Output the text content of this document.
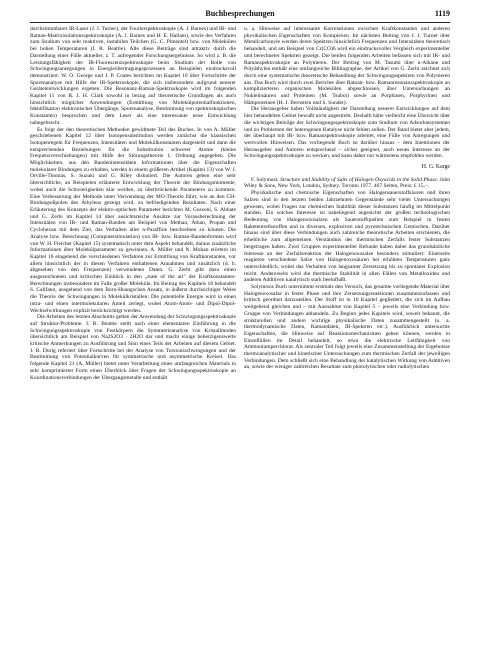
Buchbesprechungen	1119

durchstimmbarer IR-Laser (J. J. Turner), der Fourierspektroskopie (A. J. Barnes) und IR- und Raman-Matrixisolationsspektroskopie (A. J. Barnes und H. E. Hallam), sowie des Verfahren zum Studium von sehr reaktiven, instabilen Teilchen (G. C. Pimentel) bzw. von Molekülen bei hohen Temperaturen (I. R. Beattie). Alle diese Beiträge sind attraktiv durch die Darstellung einer Fülle aktueller, z. T. aufregender Forschungsergebnisse. So wird z. B. die Leistungsfähigkeit der IR-Fluoreszenzspektroskopie beim Studium der Rolle von Schwingungsanregungen in Energieübertragungsprozessen an Beispielen eindrucksvoll demonstriert. W. O. George und J. P. Coates berichten im Kapitel 10 über Fortschritte der Spurenanalyse mit Hilfe der IR-Spektroskopie, die sich insbesondere aufgrund neuerer Gerätetentwicklungen ergeben. Die Resonanz-Raman-Spektroskopie wird im folgenden Kapitel 11 von R. J. H. Clark sowohl in bezug auf theoretische Grundlagen als auch hinsichtlich möglicher Anwendungen (Ermittlung von Molekülpotentialfunktionen, Identifikation elektronischer Übergänge, Spurenanalyse, Bestimmung von spektroskopischen Konstanten) besprochen und dem Leser als eine interessante neue Entwicklung nahegebracht.

Es folgt der den theoretischen Methoden gewidmete Teil des Buches. In von A. Müller geschriebenen Kapitel 12 über Isotopensubstitution werden zunächst die klassischen Isotopenregeln für Frequenzen, Intensitäten und Molekülkonstanten dargestellt und dann die entsprechenden Beziehungen für die Substitution schwerer Atome (kleine Frequenzverschiebungen) mit Hilfe der Störungstheorie 1. Ordnung angegeben. Die Möglichkeiten, aus den Bandenintensitäten Informationen über die Eigenschaften molekularer Bindungen zu erhalten, werden in einem größeren Artikel (Kapitel 13) von W. J. Orville-Thomas, S. Suzuki und G. Riley diskutiert. Die Autoren geben eine sehr übersichtliche, an Beispielen erläuterte Entwicklung der Theorie der Bindungsmomente, wobei auch die Schwierigkeiten klar werden, zu überbrückende Parametern zu kommen. Eine Verbesserung der Methode unter Verwendung der MO-Theorie führt, wie an den CH-Bindungsdipolen des Äthylens gezeigt wird, zu befriedigenden Resultaten. Nach einer Erläuterung des Konzepts der elektro-optischen Parameter berichten M. Gussoni, S. Abbate und G. Zerbi im Kapitel 14 über ausichtsreiche Ansätze zur Vorausberechnung der Intensitäten von IR- und Raman-Banden am Beispiel von Methan, Äthan, Propan und Cyclohexan mit dem Ziel, das Verhalten aller n-Paraffine beschreiben zu können. Die Analyse bzw. Berechnung (Computersimulation) von IR- bzw. Raman-Bandenformen wird von W. H. Fletcher (Kapitel 15) systematisch unter dem Aspekt behandelt, daraus zusätzliche Informationen über Molekülparameter zu gewinnen. A. Müller und N. Mohan erörtern im Kapitel 16 eingehend die verschiedenen Verfahren zur Ermittlung von Kraftkonstanten, vor allem hinsichtlich der in diesen Verfahren enthaltenen Annahmen und zusätzlich (d. h. abgesehen von den Frequenzen) verwendeten Daten. G. Zerbi gibt dazu einen ausgezeichneten und kritischen Einblick in den „state of the art" der Kraftkonstanten-Berechnungen insbesondere im Falle großer Moleküle. Im Beitrag des Kapitels 18 behandelt S. Califano, ausgehend von dem Born-Huangschen Ansatz, in äußerst durchsichtiger Weise die Theorie der Schwingungen in Molekülkristallen: Die potentielle Energie wird in einen intra- und einen intermolekularen Anteil zerlegt, wobei Atom-Atom- und Dipol-Dipol-Wechselwirkungen explizit berücksichtigt werden.

Die Arbeiten des letzten Abschnitts gelten der Anwendung der Schwingungsspektroskopie auf Struktur-Probleme. I. R. Beattie stellt nach einer elementaren Einführung in die Schwingungsspektroskopie von Festkörpern die Symmetrieanalyse von Kristallmoden übersichtlich am Beispiel von Na2S2O3 · 2H2O dar und macht einige beherzigenswerte kritische Anmerkungen zu Ausführung und Sinn eines Teils der Arbeiten auf diesem Gebiet. J. R. Durig referiert über Fortschritte bei der Analyse von Torsionsschwingungen und der Bestimmung von Potentialkurven für symmetrische und asymmetrische Kreisel. Das folgende Kapitel 21 (A. Müller) bietet unter Verarbeitung eines umfangreichen Materials in sehr komprimierter Form einen Überblick über Fragen der Schwingungsspektroskopie an Koordinationsverbindungen der Übergangsmetalle und enthält

u. a. Hinweise auf interessante Korrelationen zwischen Kraftkonstanten und anderen physikalischen Eigenschaften von Komplexen. Im nächsten Beitrag von J. J. Turner über Metallcarbonyle werden deren Spektren hinsichtlich Frequenzen und Intensitäten theoretisch behandelt, und am Beispiel von Cr(CO)6 wird ein eindrucksvoller Vergleich experimenteller und berechneter Spektren gezeigt. Die beiden folgenden Arbeiten befassen sich mit IR- und Ramanspektroskopie an Polymeren. Der Beitrag von M. Tasumi über n-Alkane und Polyäthylen enthält eine umfangreiche Bibliographie, der Artikel von G. Zerbi zeichnet sich durch eine systematische theoretische Behandlung der Schwingungsspektren von Polymeren aus. Das Buch wird durch zwei Berichte über Raman- bzw. Ramanresonanzspektroskopie an komplizierteren organischen Molekülen abgeschlossen, über Untersuchungen an Nukleinsäuren und Proteinen (M. Tsuboi) sowie an Porphinen, Porphyrinen und Hämproteinen (H. J. Bernstein und S. Sunder).

Die Herausgeber haben Vollständigkeit der Darstellung neuerer Entwicklungen auf dem hier behandelten Gebiet bewußt nicht angestrebt. Deshalb hätte vielleicht eine Übersicht über die wichtigen Beiträge der Schwingungsspektroskopie zum Studium von Adsorbatsystemen und zu Problemen der heterogenen Katalyse nicht fehlen sollen. Der Band bietet aber jedem, der überhaupt mit IR- bzw. Ramanspektroskopie arbeitet, eine Fülle von Anregungen und wertvollen Hinweisen. Das vorliegende Buch ist darüber hinaus – dem Intentionen der Herausgeber und Autoren entsprechend – sicher geeignet, auch neues Interesse an der Schwingungsspektroskopie zu wecken, und kann daher nur wärmstens empfohlen werden.

H. G. Karge

F. Solymosi: Structure and Stability of Salts of Halogen Oxyacids in the Solid Phase. John Wiley & Sons, New York, London, Sydney, Toronto 1977. 467 Seiten, Preis: £ 15,–.

Physikalische und chemische Eigenschaften von Halogensauerstoffsäuren und ihren Salzen sind in den letzten beiden Jahrzehnten Gegenstände sehr vieler Untersuchungen gewesen, wobei Fragen zur chemischen Stabilität dieser Substanzen häufig im Mittelpunkt standen. Ein solches Interesse ist naheliegend angesichts der großen technologischen Bedeutung von Halogenoxosalzen als Sauerstoffquellen zum Beispiel in festen Raketentreibstoffen und in diversen, explosiven und pyrotechnischen Gemischen. Darüber hinaus sind über diese Verbindungen auch zahlreiche theoretische Arbeiten erschienen, die erhebliche zum allgemeinen Verständnis des thermischen Zerfalls fester Substanzen beigetragen haben. Zwei Gruppen experimenteller Befunde haben dabei das grundsätzliche Interesse an der Zerfallsreaktion der Halogenoxosalze besonders stimuliert: Einerseits reagieren verschiedene Salze von Halogenoxosäuren bei erhöhten Temperaturen ganz unterschiedlich, wobei das Verhalten von langsamer Zersetzung bis zu spontaner Explosion reicht. Andererseits wird die thermische Stabilität in allen Fällen von Metalloxiden und anderen Additiven katalytisch stark beeinflußt.

Solymosis Buch unternimmt erstmals den Versuch, das gesamte vorliegende Material über Halogenoxosalze in fester Phase und ihre Zersetzungsreaktionen zusammenzufassen und kritisch geordnet darzustellen. Der Stoff ist in 10 Kapitel gegliedert, die sich im Aufbau weitgehend gleichen und – mit Ausnahme von Kapitel 5 – jeweils eine Verbindung bzw. Gruppe von Verbindungen abhandeln. Zu Beginn jedes Kapitels wird, soweit bekannt, die strukturellen und andere wichtige physikalische Daten zusammengestellt (u. a. thermodynamische Daten, Ramandaten, IR-Spektren etc.). Ausführlich untersuchte Eigenschaften, die Hinweise auf Reaktionsmechanismen geben können, werden in Einzelfällen im Detail behandelt, so etwa die elektrische Leitfähigkeit von Ammoniumperchlorat. Als zentraler Teil folgt jeweils eine Zusammenstellung der Ergebnisse thermoanalytischer und kinetischer Untersuchungen zum thermischen Zerfall der jeweiligen Verbindungen. Dem schließt sich eine Behandlung der katalytischen Wirkung von Additiven an, sowie der weniger zahlreichen Resultate zum photolytischen oder radiolytischen
